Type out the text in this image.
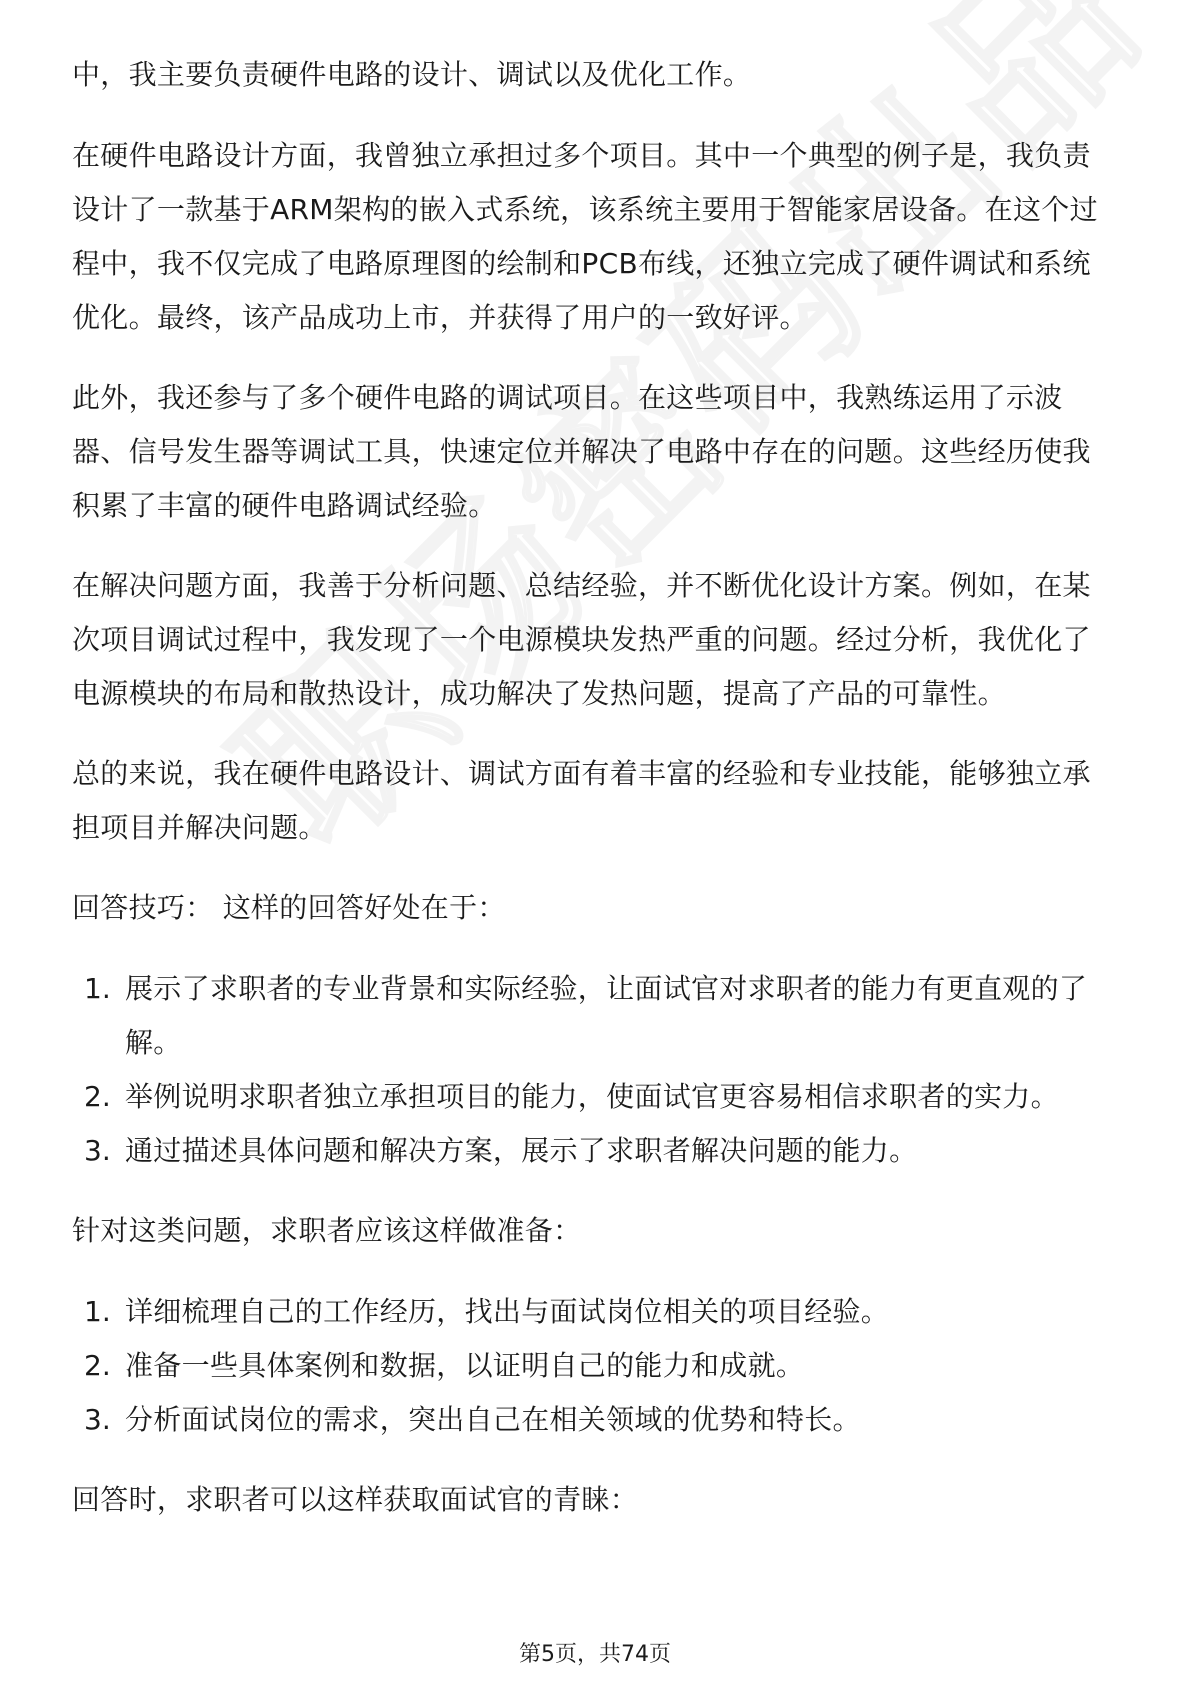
中，我主要负责硬件电路的设计、调试以及优化工作。
在硬件电路设计方面，我曾独立承担过多个项目。其中一个典型的例子是，我负责
设计了一款基于ARM架构的嵌入式系统，该系统主要用于智能家居设备。在这个过
程中，我不仅完成了电路原理图的绘制和PCB布线，还独立完成了硬件调试和系统
优化。最终，该产品成功上市，并获得了用户的一致好评。
此外，我还参与了多个硬件电路的调试项目。在这些项目中，我熟练运用了示波
器、信号发生器等调试工具，快速定位并解决了电路中存在的问题。这些经历使我
积累了丰富的硬件电路调试经验。
在解决问题方面，我善于分析问题、总结经验，并不断优化设计方案。例如，在某
次项目调试过程中，我发现了一个电源模块发热严重的问题。经过分析，我优化了
电源模块的布局和散热设计，成功解决了发热问题，提高了产品的可靠性。
总的来说，我在硬件电路设计、调试方面有着丰富的经验和专业技能，能够独立承
担项目并解决问题。
回答技巧： 这样的回答好处在于：
1. 展示了求职者的专业背景和实际经验，让面试官对求职者的能力有更直观的了
解。
2. 举例说明求职者独立承担项目的能力，使面试官更容易相信求职者的实力。
3. 通过描述具体问题和解决方案，展示了求职者解决问题的能力。
针对这类问题，求职者应该这样做准备：
1. 详细梳理自己的工作经历，找出与面试岗位相关的项目经验。
2. 准备一些具体案例和数据，以证明自己的能力和成就。
3. 分析面试岗位的需求，突出自己在相关领域的优势和特长。
回答时，求职者可以这样获取面试官的青睐：
第5页，共74页
